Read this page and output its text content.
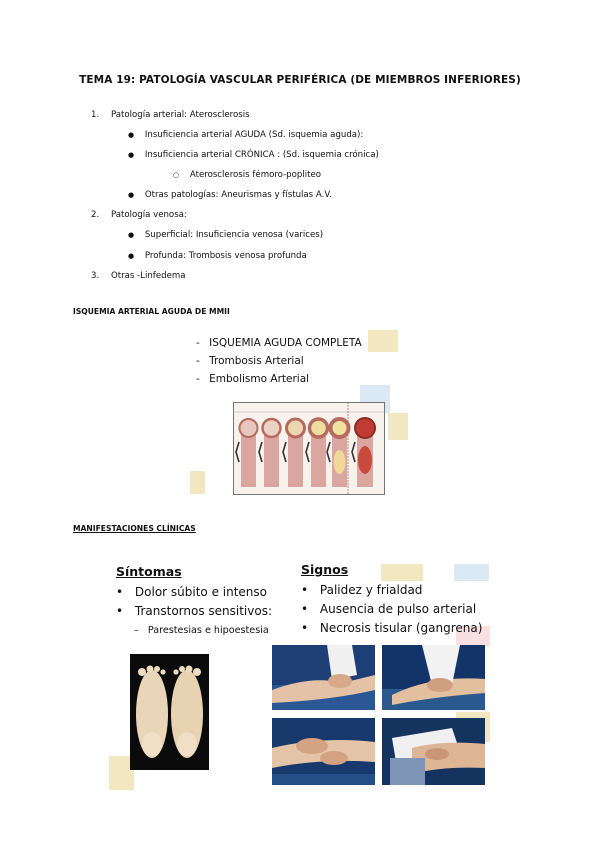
TEMA 19: PATOLOGÍA VASCULAR PERIFÉRICA (DE MIEMBROS INFERIORES)
1. Patología arterial: Aterosclerosis
● Insuficiencia arterial AGUDA (Sd. isquemia aguda):
● Insuficiencia arterial CRÓNICA : (Sd. isquemia crónica)
○ Aterosclerosis fémoro-popliteo
● Otras patologías: Aneurismas y fístulas A.V.
2. Patología venosa:
● Superficial: Insuficiencia venosa (varices)
● Profunda: Trombosis venosa profunda
3. Otras -Linfedema
ISQUEMIA ARTERIAL AGUDA DE MMII
- ISQUEMIA AGUDA COMPLETA
- Trombosis Arterial
- Embolismo Arterial
MANIFESTACIONES CLÍNICAS
Síntomas
• Dolor súbito e intenso
• Transtornos sensitivos:
– Parestesias e hipoestesia
Signos
• Palidez y frialdad
• Ausencia de pulso arterial
• Necrosis tisular (gangrena)
